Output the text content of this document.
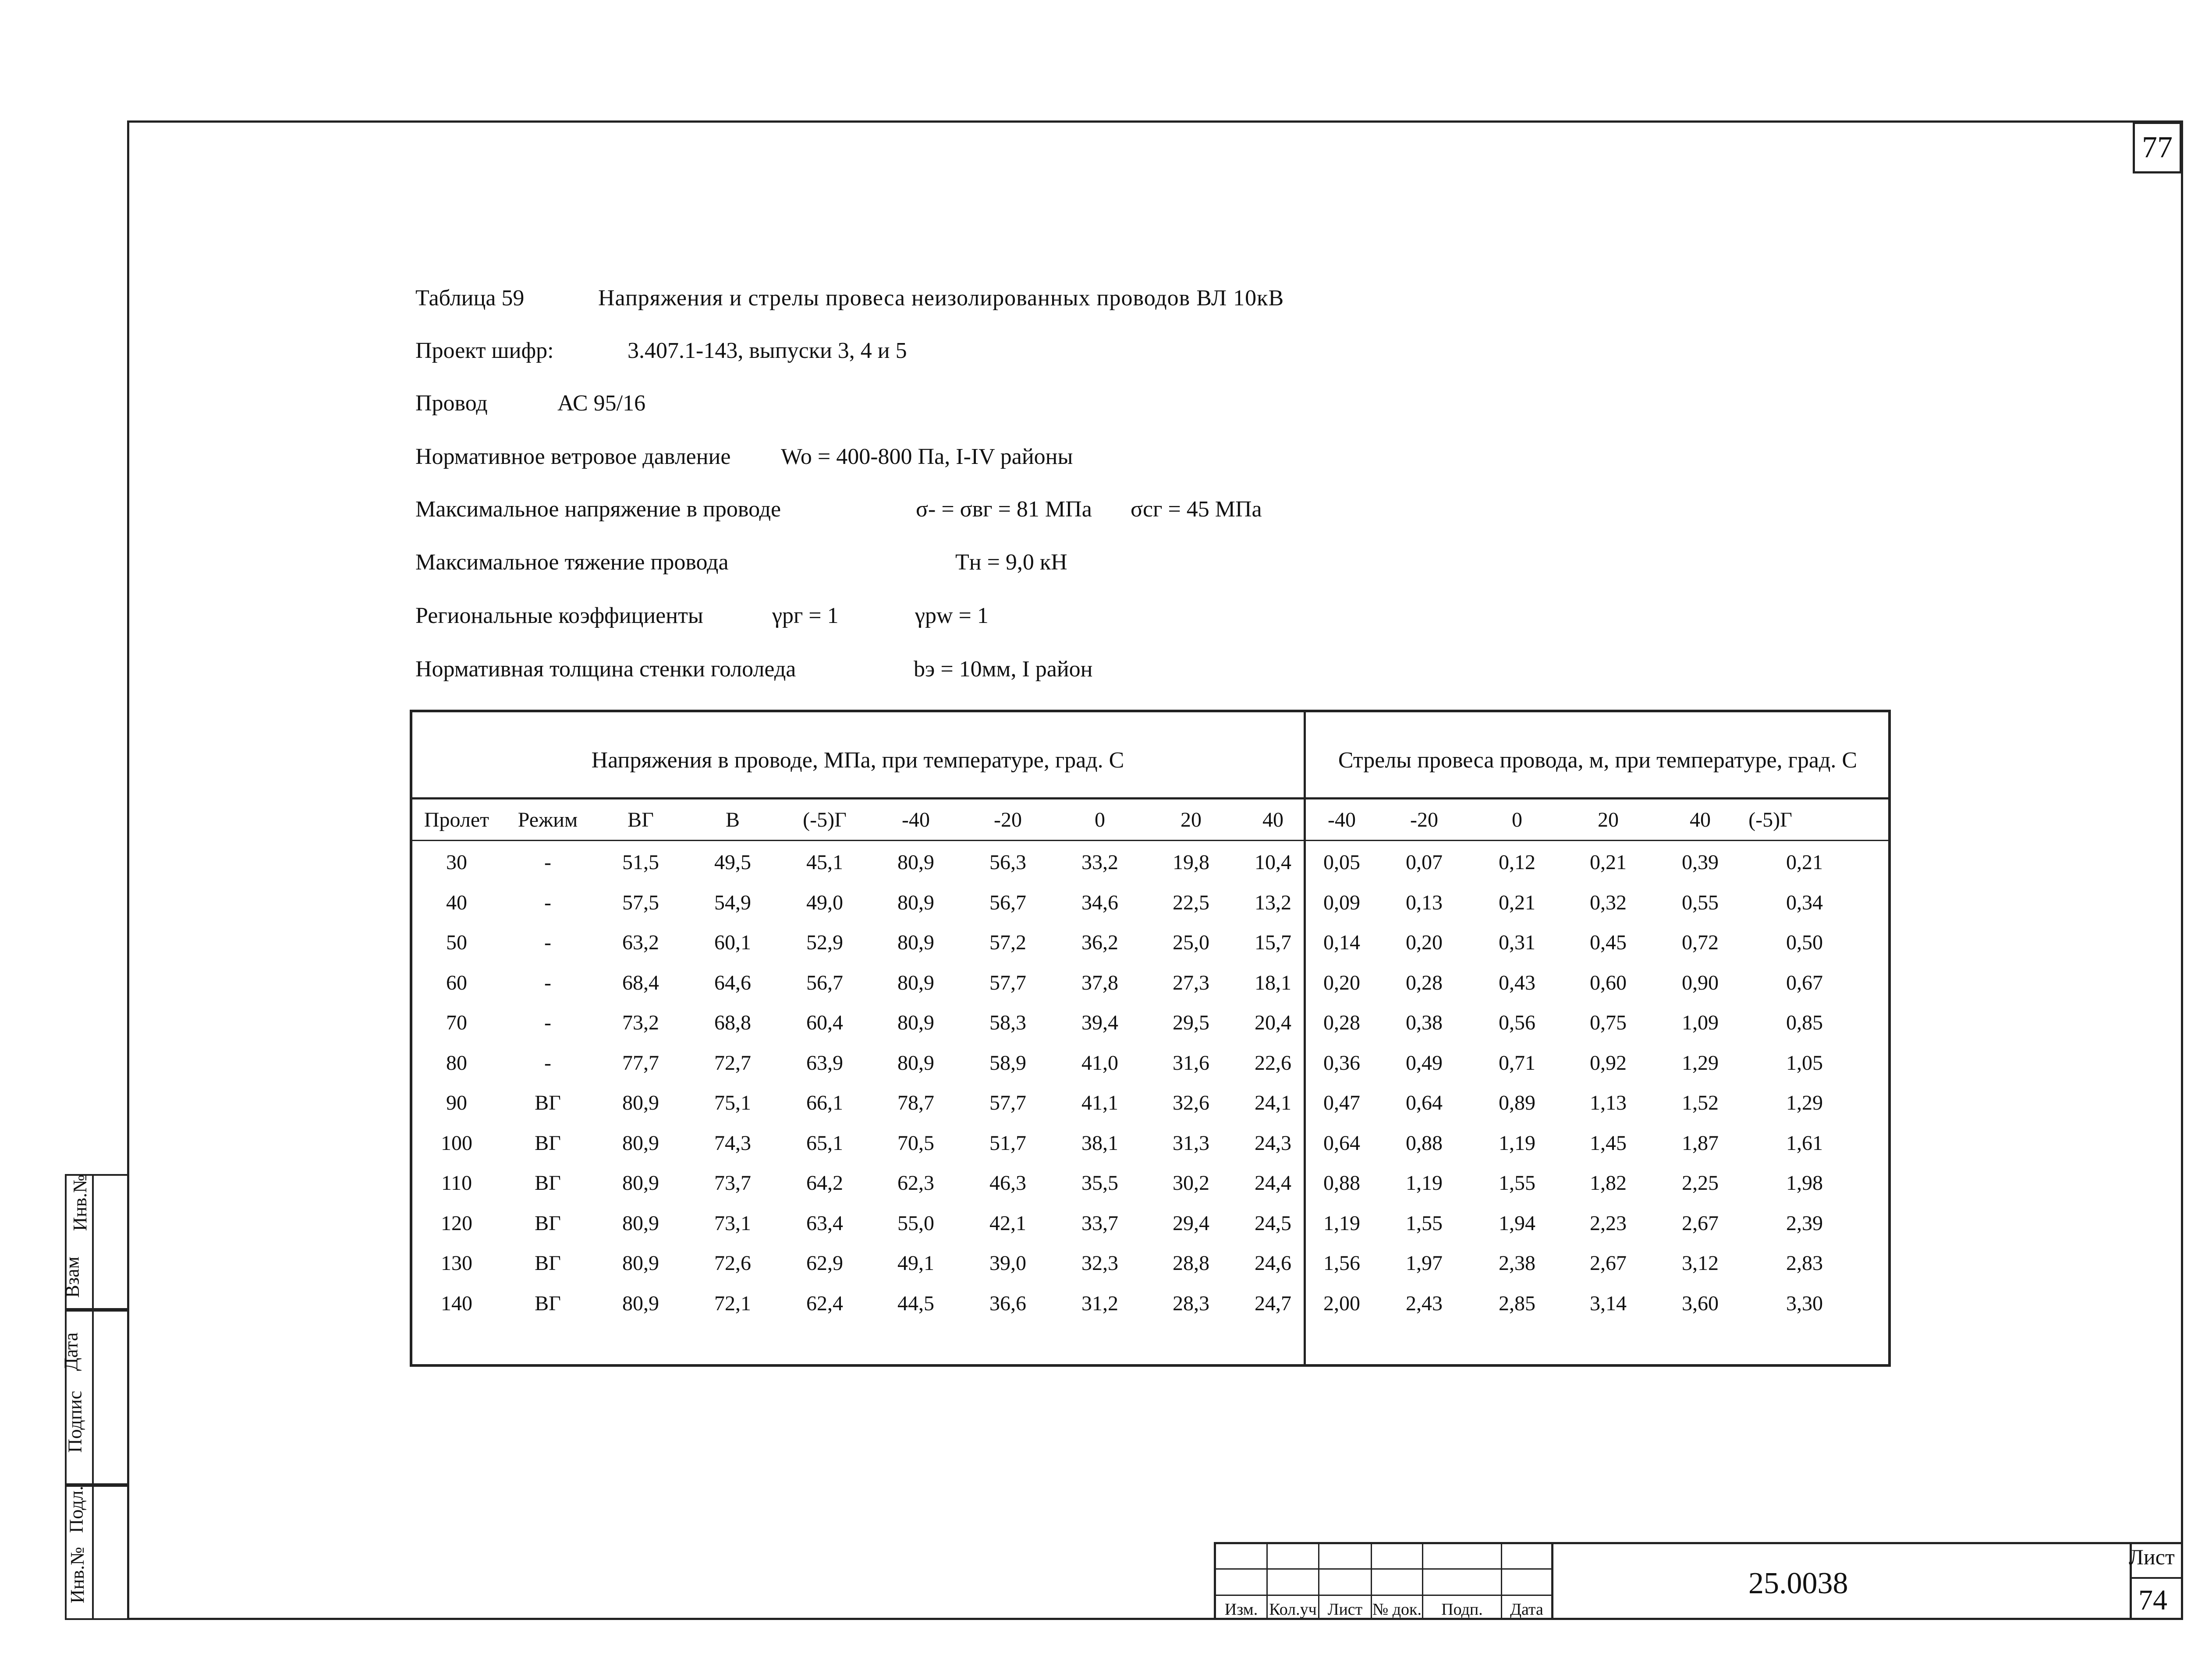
77
Таблица 59	Напряжения и стрелы провеса неизолированных проводов ВЛ 10кВ
Проект шифр:	3.407.1-143, выпуски 3, 4 и 5
Провод	АС 95/16
Нормативное ветровое давление Wo = 400-800 Па, I-IV районы
Максимальное напряжение в проводе	σ- = σвг = 81 МПа σсг = 45 МПа
Максимальное тяжение провода	Тн = 9,0 кН
Региональные коэффициенты	γрг = 1	γрw = 1
Нормативная толщина стенки гололеда	bэ = 10мм, I район
Напряжения в проводе, МПа, при температуре, град. С	Стрелы провеса провода, м, при температуре, град. С
Пролет	Режим	ВГ	В	(-5)Г	-40	-20	0	20	40	-40	-20	0	20	40	(-5)Г
30	-	51,5	49,5	45,1	80,9	56,3	33,2	19,8	10,4	0,05	0,07	0,12	0,21	0,39	0,21
40	-	57,5	54,9	49,0	80,9	56,7	34,6	22,5	13,2	0,09	0,13	0,21	0,32	0,55	0,34
50	-	63,2	60,1	52,9	80,9	57,2	36,2	25,0	15,7	0,14	0,20	0,31	0,45	0,72	0,50
60	-	68,4	64,6	56,7	80,9	57,7	37,8	27,3	18,1	0,20	0,28	0,43	0,60	0,90	0,67
70	-	73,2	68,8	60,4	80,9	58,3	39,4	29,5	20,4	0,28	0,38	0,56	0,75	1,09	0,85
80	-	77,7	72,7	63,9	80,9	58,9	41,0	31,6	22,6	0,36	0,49	0,71	0,92	1,29	1,05
90	ВГ	80,9	75,1	66,1	78,7	57,7	41,1	32,6	24,1	0,47	0,64	0,89	1,13	1,52	1,29
100	ВГ	80,9	74,3	65,1	70,5	51,7	38,1	31,3	24,3	0,64	0,88	1,19	1,45	1,87	1,61
110	ВГ	80,9	73,7	64,2	62,3	46,3	35,5	30,2	24,4	0,88	1,19	1,55	1,82	2,25	1,98
120	ВГ	80,9	73,1	63,4	55,0	42,1	33,7	29,4	24,5	1,19	1,55	1,94	2,23	2,67	2,39
130	ВГ	80,9	72,6	62,9	49,1	39,0	32,3	28,8	24,6	1,56	1,97	2,38	2,67	3,12	2,83
140	ВГ	80,9	72,1	62,4	44,5	36,6	31,2	28,3	24,7	2,00	2,43	2,85	3,14	3,60	3,30
Инв.№
Подл.
Подпис
Дата
Взам
Инв.№
Изм. Кол.уч Лист № док.	Подп.	Дата
25.0038
Лист
74
